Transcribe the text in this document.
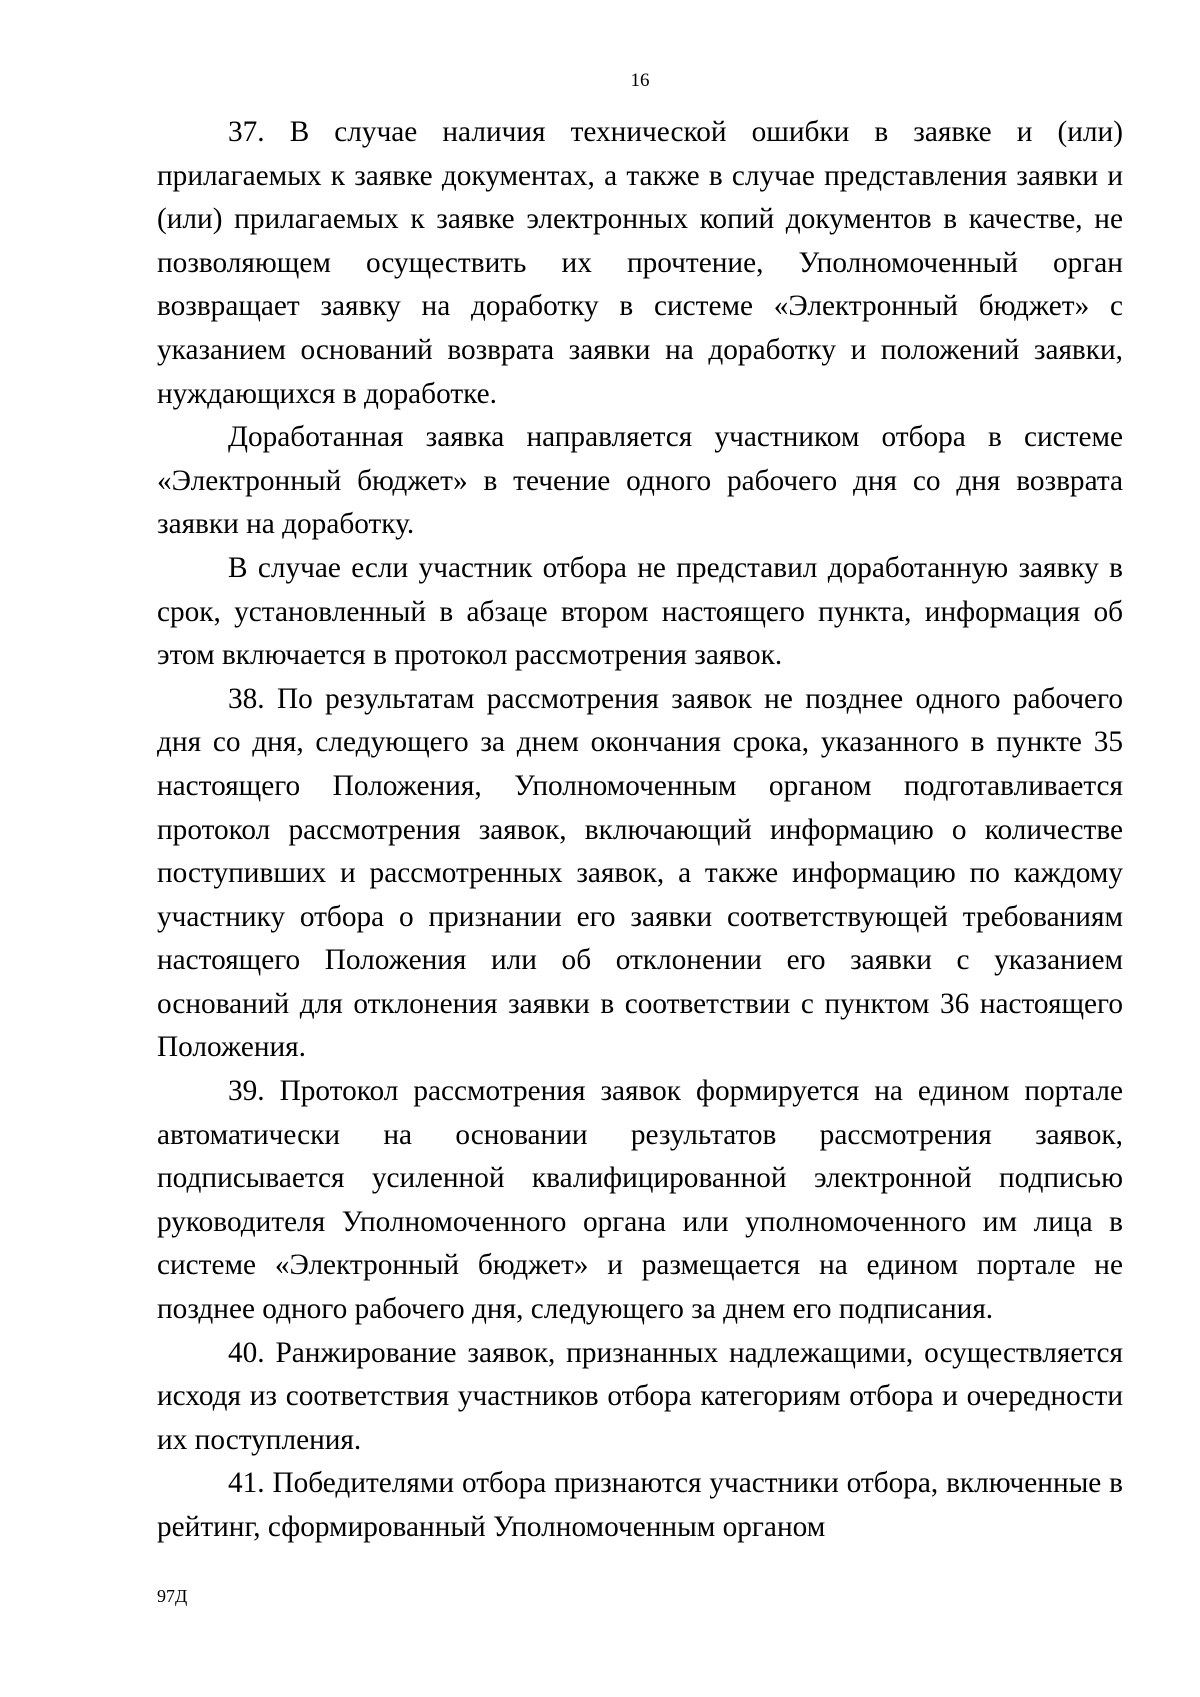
16

37. В случае наличия технической ошибки в заявке и (или) прилагаемых к заявке документах, а также в случае представления заявки и (или) прилагаемых к заявке электронных копий документов в качестве, не позволяющем осуществить их прочтение, Уполномоченный орган возвращает заявку на доработку в системе «Электронный бюджет» с указанием оснований возврата заявки на доработку и положений заявки, нуждающихся в доработке.

Доработанная заявка направляется участником отбора в системе «Электронный бюджет» в течение одного рабочего дня со дня возврата заявки на доработку.

В случае если участник отбора не представил доработанную заявку в срок, установленный в абзаце втором настоящего пункта, информация об этом включается в протокол рассмотрения заявок.

38. По результатам рассмотрения заявок не позднее одного рабочего дня со дня, следующего за днем окончания срока, указанного в пункте 35 настоящего Положения, Уполномоченным органом подготавливается протокол рассмотрения заявок, включающий информацию о количестве поступивших и рассмотренных заявок, а также информацию по каждому участнику отбора о признании его заявки соответствующей требованиям настоящего Положения или об отклонении его заявки с указанием оснований для отклонения заявки в соответствии с пунктом 36 настоящего Положения.

39. Протокол рассмотрения заявок формируется на едином портале автоматически на основании результатов рассмотрения заявок, подписывается усиленной квалифицированной электронной подписью руководителя Уполномоченного органа или уполномоченного им лица в системе «Электронный бюджет» и размещается на едином портале не позднее одного рабочего дня, следующего за днем его подписания.

40. Ранжирование заявок, признанных надлежащими, осуществляется исходя из соответствия участников отбора категориям отбора и очередности их поступления.

41. Победителями отбора признаются участники отбора, включенные в рейтинг, сформированный Уполномоченным органом

97Д
